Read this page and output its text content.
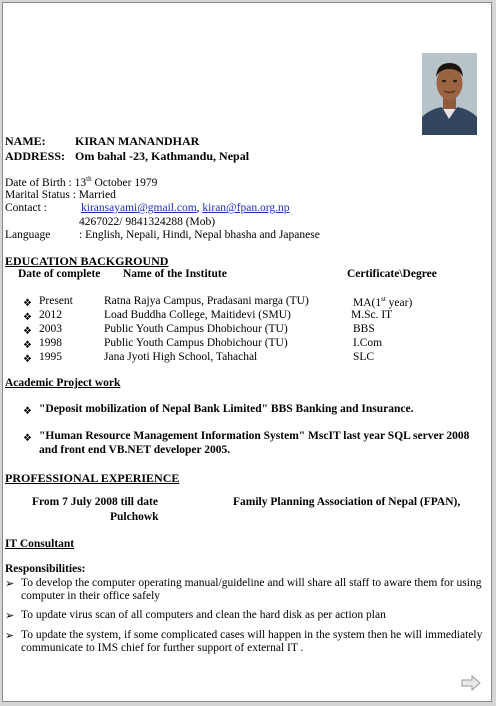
NAME: KIRAN MANANDHAR
ADDRESS: Om bahal -23, Kathmandu, Nepal
Date of Birth : 13th October 1979
Marital Status : Married
Contact :	kiransayami@gmail.com, kiran@fpan.org.np
4267022/ 9841324288 (Mob)
Language : English, Nepali, Hindi, Nepal bhasha and Japanese
EDUCATION BACKGROUND
Date of complete Name of the Institute	Certificate\Degree
❖ Present	Ratna Rajya Campus, Pradasani marga (TU)	MA(1st year)
❖ 2012	Load Buddha College, Maitidevi (SMU)	M.Sc. IT
❖ 2003	Public Youth Campus Dhobichour (TU)	BBS
❖ 1998	Public Youth Campus Dhobichour (TU)	I.Com
❖ 1995	Jana Jyoti High School, Tahachal	SLC
Academic Project work
❖ "Deposit mobilization of Nepal Bank Limited" BBS Banking and Insurance.
❖ "Human Resource Management Information System" MscIT last year SQL server 2008
and front end VB.NET developer 2005.
PROFESSIONAL EXPERIENCE
From 7 July 2008 till date	Family Planning Association of Nepal (FPAN),
Pulchowk
IT Consultant
Responsibilities:
➢ To develop the computer operating manual/guideline and will share all staff to aware them for using
computer in their office safely
➢ To update virus scan of all computers and clean the hard disk as per action plan
➢ To update the system, if some complicated cases will happen in the system then he will immediately
communicate to IMS chief for further support of external IT .
